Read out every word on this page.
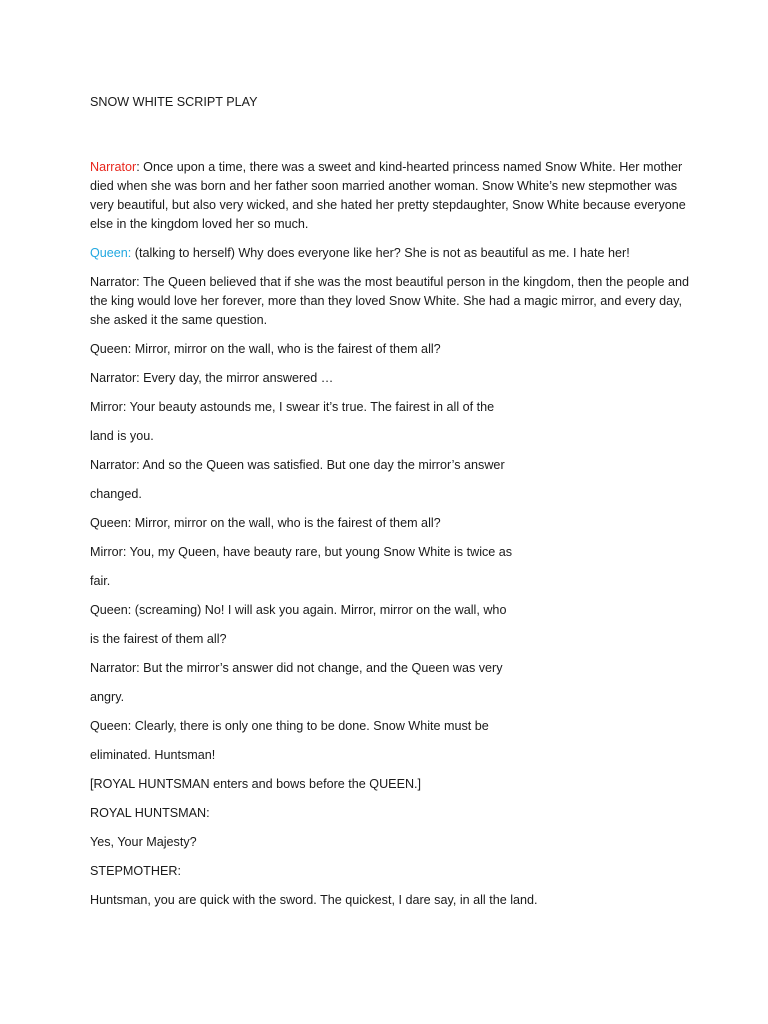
SNOW WHITE SCRIPT PLAY

Narrator: Once upon a time, there was a sweet and kind-hearted princess named Snow White. Her mother died when she was born and her father soon married another woman. Snow White’s new stepmother was very beautiful, but also very wicked, and she hated her pretty stepdaughter, Snow White because everyone else in the kingdom loved her so much.

Queen: (talking to herself) Why does everyone like her? She is not as beautiful as me. I hate her!

Narrator: The Queen believed that if she was the most beautiful person in the kingdom, then the people and the king would love her forever, more than they loved Snow White. She had a magic mirror, and every day, she asked it the same question.

Queen: Mirror, mirror on the wall, who is the fairest of them all?

Narrator: Every day, the mirror answered …

Mirror: Your beauty astounds me, I swear it’s true. The fairest in all of the

land is you.

Narrator: And so the Queen was satisfied. But one day the mirror’s answer

changed.

Queen: Mirror, mirror on the wall, who is the fairest of them all?

Mirror: You, my Queen, have beauty rare, but young Snow White is twice as

fair.

Queen: (screaming) No! I will ask you again. Mirror, mirror on the wall, who

is the fairest of them all?

Narrator: But the mirror’s answer did not change, and the Queen was very

angry.

Queen: Clearly, there is only one thing to be done. Snow White must be

eliminated. Huntsman!

[ROYAL HUNTSMAN enters and bows before the QUEEN.]

ROYAL HUNTSMAN:

Yes, Your Majesty?

STEPMOTHER:

Huntsman, you are quick with the sword. The quickest, I dare say, in all the land.
